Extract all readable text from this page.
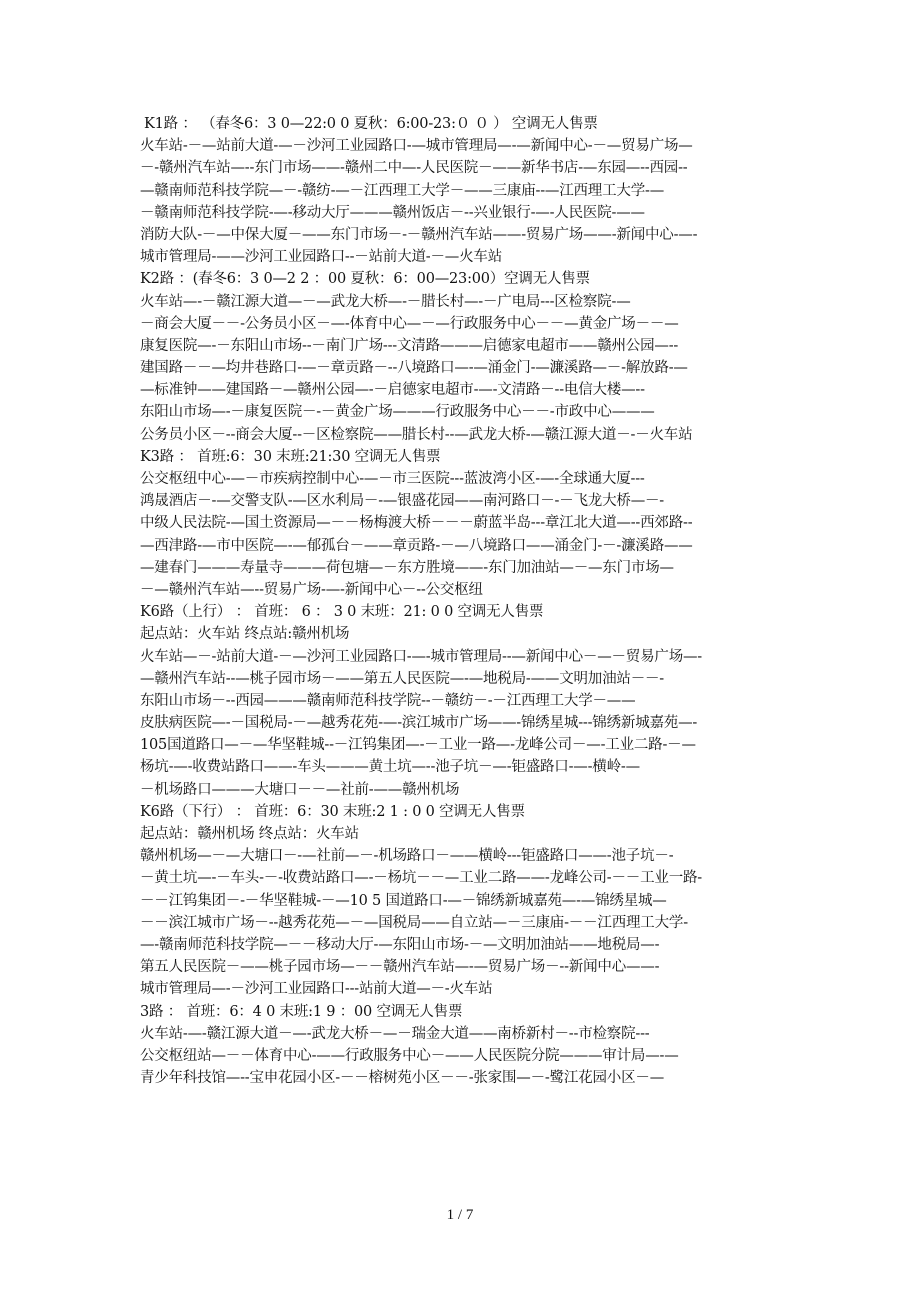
K1路 ： （春冬6：3 0—22:0 0 夏秋：6:00-23:０ ０ ） 空调无人售票
火车站-－—站前大道-—－沙河工业园路口-—城市管理局—-—新闻中心-－—贸易广场—
－-赣州汽车站—--东门市场——-赣州二中—-人民医院－——新华书店-—东园—--西园--
—赣南师范科技学院—－-赣纺-—－江西理工大学－——三康庙--—江西理工大学-—
－赣南师范科技学院-—-移动大厅———赣州饭店－--兴业银行-—-人民医院-——
消防大队-－—中保大厦－——东门市场－-－赣州汽车站——-贸易广场——-新闻中心-—-
城市管理局-——沙河工业园路口--－站前大道-－—火车站
K2路 ：(春冬6：3 0—2 2 ：00 夏秋：6：00—23:00）空调无人售票
火车站—-－赣江源大道—－—武龙大桥—-－腊长村—-－广电局---区检察院-—
－商会大厦－－-公务员小区－—-体育中心—－—行政服务中心－－—黄金广场－－—
康复医院—-－东阳山市场--－南门广场---文清路———启德家电超市——赣州公园—--
建国路－－—均井巷路口-—－章贡路－--八境路口—-—涌金门-—濂溪路—－-解放路-—
—标准钟——建国路－—赣州公园—-－启德家电超市-—-文清路－--电信大楼—--
东阳山市场—-－康复医院－-－黄金广场———行政服务中心－－-市政中心———
公务员小区－--商会大厦--－区检察院——腊长村--—武龙大桥-—赣江源大道－-－火车站
K3路 ： 首班:6：30 末班:21:30 空调无人售票
公交枢纽中心-—－市疾病控制中心-—－市三医院---蓝波湾小区-—-全球通大厦---
鸿晟酒店－-—交警支队-—区水利局－-—银盛花园——南河路口－-－飞龙大桥—－-
中级人民法院-—国土资源局—－－杨梅渡大桥－－－蔚蓝半岛---章江北大道—--西郊路--
—西津路-—市中医院—-—郁孤台－——章贡路-－—八境路口——涌金门-－-濂溪路——
—建春门———寿量寺———荷包塘—－东方胜境——-东门加油站—－—东门市场—
－—赣州汽车站—--贸易广场-—-新闻中心－--公交枢纽
K6路（上行） ： 首班： 6 ： 3 0 末班：21: 0 0 空调无人售票
起点站：火车站 终点站:赣州机场
火车站—－-站前大道-－—沙河工业园路口-—-城市管理局--—新闻中心－—－贸易广场—-
—赣州汽车站--—桃子园市场－——第五人民医院—-—地税局-——文明加油站－－-
东阳山市场－--西园———赣南师范科技学院--－赣纺－-－江西理工大学－——
皮肤病医院—-－国税局-－—越秀花苑-—-滨江城市广场——-锦绣星城---锦绣新城嘉苑—-
105国道路口—－—华坚鞋城--－江钨集团—-－工业一路—-龙峰公司－—-工业二路-－—
杨坑-—-收费站路口——-车头———黄土坑—--池子坑－—-钜盛路口-—-横岭-—
－机场路口———大塘口－－—社前-——赣州机场
K6路（下行） ： 首班：6：30 末班:2 1 : 0 0 空调无人售票
起点站：赣州机场 终点站：火车站
赣州机场—－—大塘口－-—社前—－-机场路口－——横岭---钜盛路口——-池子坑－-
－黄土坑—-－车头-－-收费站路口—-－杨坑－－—工业二路——-龙峰公司-－－工业一路-
－－江钨集团－-－华坚鞋城-－—10 5 国道路口-—－锦绣新城嘉苑—-—锦绣星城—
－－滨江城市广场－--越秀花苑—－—国税局——自立站—－三康庙-－－江西理工大学-
—-赣南师范科技学院—－－移动大厅-—东阳山市场-－—文明加油站——地税局—-
第五人民医院－——桃子园市场—－－赣州汽车站—-—贸易广场－--新闻中心——-
城市管理局—-－沙河工业园路口---站前大道—－-火车站
3路 ： 首班：6：4 0 末班:1 9 ：00 空调无人售票
火车站-—-赣江源大道－—-武龙大桥－—－瑞金大道——南桥新村－--市检察院---
公交枢纽站—－－体育中心-——行政服务中心－——人民医院分院———审计局—-—
青少年科技馆—--宝申花园小区-－－榕树苑小区－－-张家围—－-鹭江花园小区－—
1 / 7
